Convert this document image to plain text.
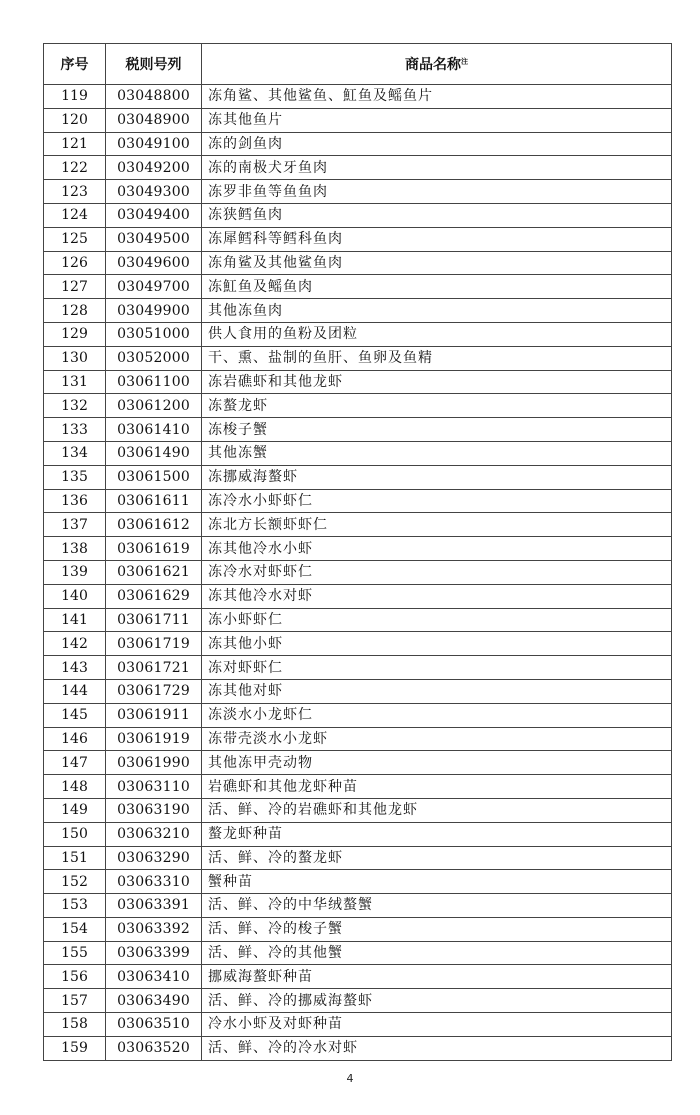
序号	税则号列	商品名称$^注$
119	03048800	冻角鲨、其他鲨鱼、魟鱼及鳐鱼片
120	03048900	冻其他鱼片
121	03049100	冻的剑鱼肉
122	03049200	冻的南极犬牙鱼肉
123	03049300	冻罗非鱼等鱼鱼肉
124	03049400	冻狭鳕鱼肉
125	03049500	冻犀鳕科等鳕科鱼肉
126	03049600	冻角鲨及其他鲨鱼肉
127	03049700	冻魟鱼及鳐鱼肉
128	03049900	其他冻鱼肉
129	03051000	供人食用的鱼粉及团粒
130	03052000	干、熏、盐制的鱼肝、鱼卵及鱼精
131	03061100	冻岩礁虾和其他龙虾
132	03061200	冻螯龙虾
133	03061410	冻梭子蟹
134	03061490	其他冻蟹
135	03061500	冻挪威海螯虾
136	03061611	冻冷水小虾虾仁
137	03061612	冻北方长额虾虾仁
138	03061619	冻其他冷水小虾
139	03061621	冻冷水对虾虾仁
140	03061629	冻其他冷水对虾
141	03061711	冻小虾虾仁
142	03061719	冻其他小虾
143	03061721	冻对虾虾仁
144	03061729	冻其他对虾
145	03061911	冻淡水小龙虾仁
146	03061919	冻带壳淡水小龙虾
147	03061990	其他冻甲壳动物
148	03063110	岩礁虾和其他龙虾种苗
149	03063190	活、鲜、冷的岩礁虾和其他龙虾
150	03063210	螯龙虾种苗
151	03063290	活、鲜、冷的螯龙虾
152	03063310	蟹种苗
153	03063391	活、鲜、冷的中华绒螯蟹
154	03063392	活、鲜、冷的梭子蟹
155	03063399	活、鲜、冷的其他蟹
156	03063410	挪威海螯虾种苗
157	03063490	活、鲜、冷的挪威海螯虾
158	03063510	冷水小虾及对虾种苗
159	03063520	活、鲜、冷的冷水对虾
4
